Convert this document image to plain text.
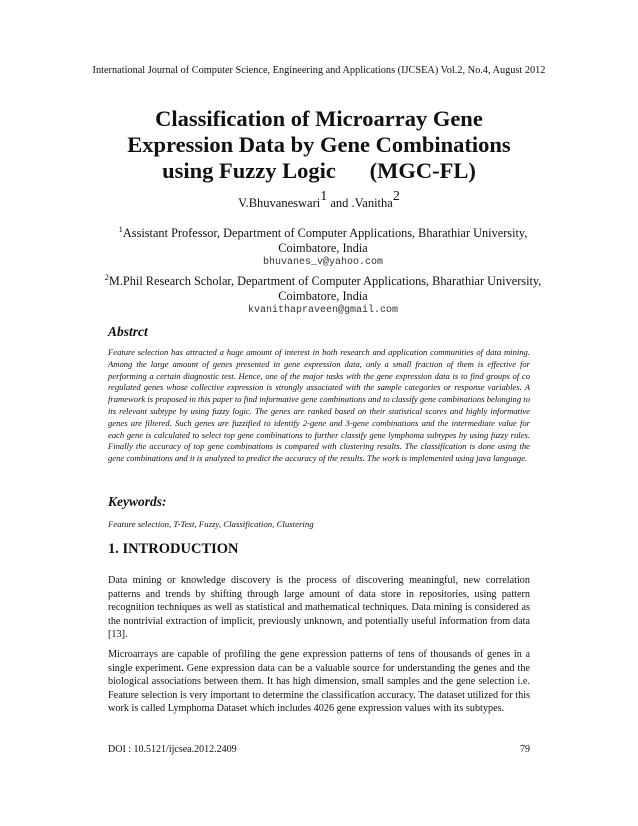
International Journal of Computer Science, Engineering and Applications (IJCSEA) Vol.2, No.4, August 2012
Classification of Microarray Gene
Expression Data by Gene Combinations
using Fuzzy Logic      (MGC-FL)
V.Bhuvaneswari$^1$ and .Vanitha$^2$
$^1$Assistant Professor, Department of Computer Applications, Bharathiar University,
Coimbatore, India
bhuvanes_v@yahoo.com
$^2$M.Phil Research Scholar, Department of Computer Applications, Bharathiar University,
Coimbatore, India
kvanithapraveen@gmail.com
Abstrct

Feature selection has attracted a huge amount of interest in both research and application communities of data mining. Among the large amount of genes presented in gene expression data, only a small fraction of them is effective for performing a certain diagnostic test. Hence, one of the major tasks with the gene expression data is to find groups of co regulated genes whose collective expression is strongly associated with the sample categories or response variables. A framework is proposed in this paper to find informative gene combinations and to classify gene combinations belonging to its relevant subtype by using fuzzy logic. The genes are ranked based on their statistical scores and highly informative genes are filtered. Such genes are fuzzified to identify 2-gene and 3-gene combinations and the intermediate value for each gene is calculated to select top gene combinations to further classify gene lymphoma subtypes by using fuzzy rules. Finally the accuracy of top gene combinations is compared with clustering results. The classification is done using the gene combinations and it is analyzed to predict the accuracy of the results. The work is implemented using java language.

Keywords:

Feature selection, T-Test, Fuzzy, Classification, Clustering

1. INTRODUCTION

Data mining or knowledge discovery is the process of discovering meaningful, new correlation patterns and trends by shifting through large amount of data store in repositories, using pattern recognition techniques as well as statistical and mathematical techniques. Data mining is considered as the nontrivial extraction of implicit, previously unknown, and potentially useful information from data [13].

Microarrays are capable of profiling the gene expression patterns of tens of thousands of genes in a single experiment. Gene expression data can be a valuable source for understanding the genes and the biological associations between them. It has high dimension, small samples and the gene selection i.e. Feature selection is very important to determine the classification accuracy. The dataset utilized for this work is called Lymphoma Dataset which includes 4026 gene expression values with its subtypes.

DOI : 10.5121/ijcsea.2012.2409	79
